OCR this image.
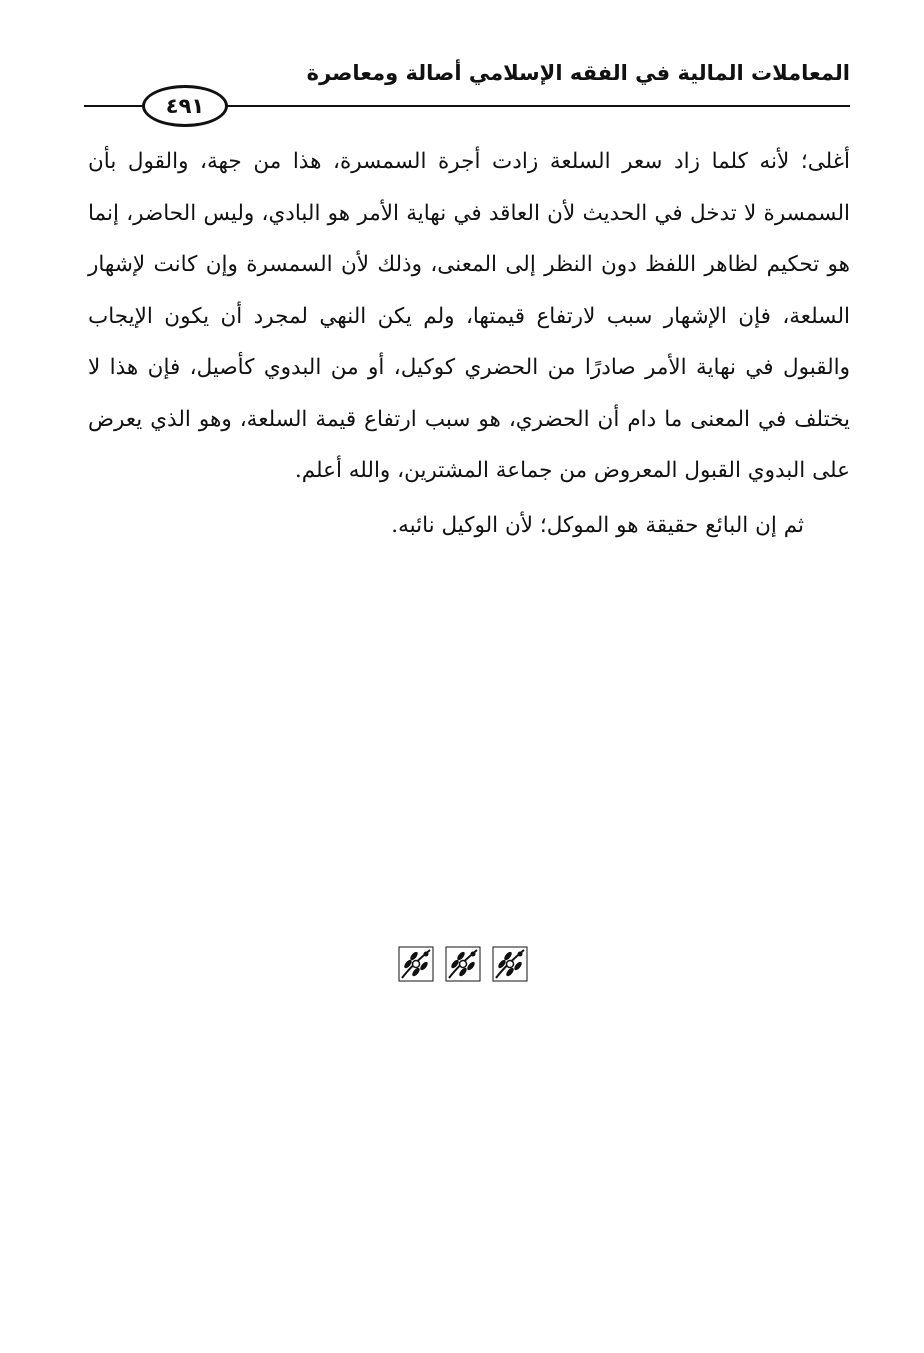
المعاملات المالية في الفقه الإسلامي أصالة ومعاصرة
٤٩١

أغلى؛ لأنه كلما زاد سعر السلعة زادت أجرة السمسرة، هذا من جهة، والقول بأن السمسرة لا تدخل في الحديث لأن العاقد في نهاية الأمر هو البادي، وليس الحاضر، إنما هو تحكيم لظاهر اللفظ دون النظر إلى المعنى، وذلك لأن السمسرة وإن كانت لإشهار السلعة، فإن الإشهار سبب لارتفاع قيمتها، ولم يكن النهي لمجرد أن يكون الإيجاب والقبول في نهاية الأمر صادرًا من الحضري كوكيل، أو من البدوي كأصيل، فإن هذا لا يختلف في المعنى ما دام أن الحضري، هو سبب ارتفاع قيمة السلعة، وهو الذي يعرض على البدوي القبول المعروض من جماعة المشترين، والله أعلم.

ثم إن البائع حقيقة هو الموكل؛ لأن الوكيل نائبه.
